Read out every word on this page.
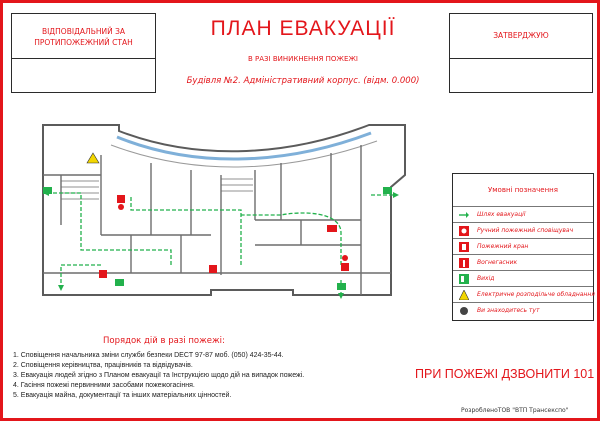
ВІДПОВІДАЛЬНИЙ ЗА
ПРОТИПОЖЕЖНИЙ СТАН
ЗАТВЕРДЖУЮ
ПЛАН ЕВАКУАЦІЇ
В РАЗІ ВИНИКНЕННЯ ПОЖЕЖІ
Будівля №2. Адміністративний корпус. (відм. 0.000)
Умовні позначення
Шлях евакуації
Ручний пожежний сповіщувач
Пожежний кран
Вогнегасник
Вихід
Електричне розподільче обладнання
Ви знаходитесь тут
Порядок дій в разі пожежі:
1. Сповіщення начальника зміни служби безпеки DECT 97-87 моб. (050) 424-35-44.
2. Сповіщення керівництва, працівників та відвідувачів.
3. Евакуація людей згідно з Планом евакуації та Інструкцією щодо дій на випадок пожежі.
4. Гасіння пожежі первинними засобами пожежогасіння.
5. Евакуація майна, документації та інших матеріальних цінностей.
ПРИ ПОЖЕЖІ ДЗВОНИТИ 101
РозробленоТОВ "ВТП Трансекспо"
